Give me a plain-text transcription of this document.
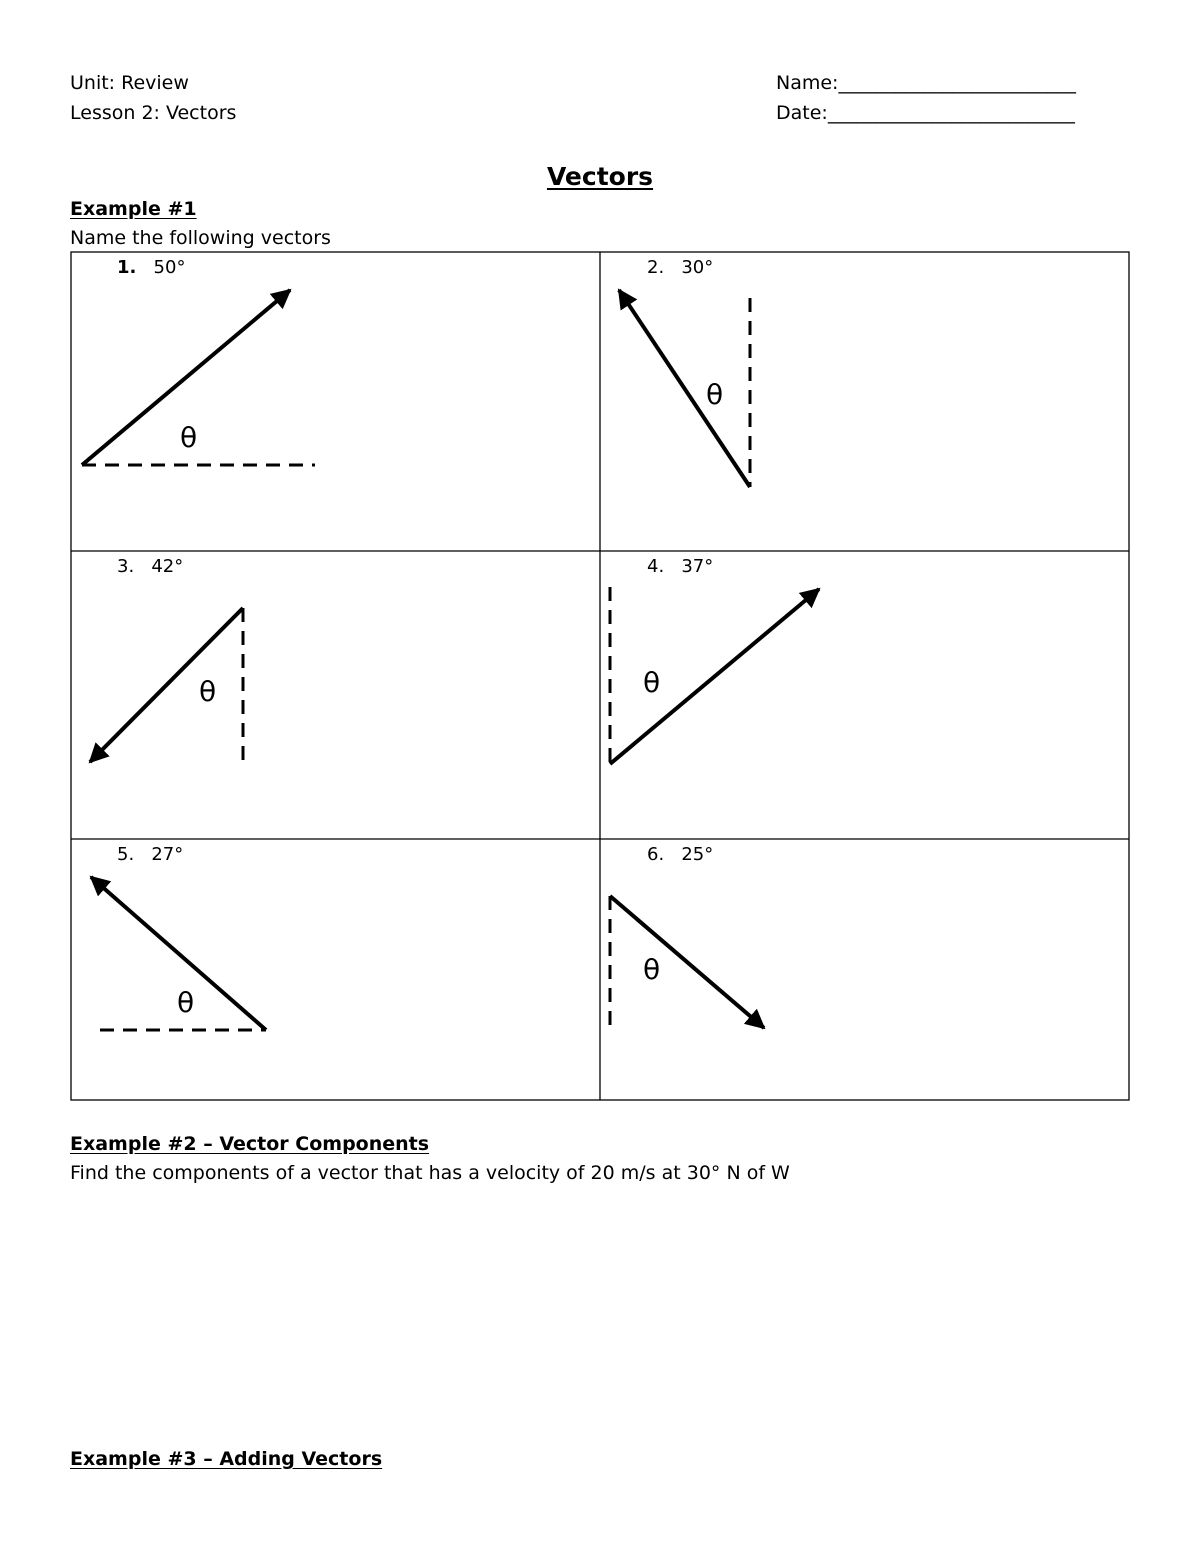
Unit: Review
Lesson 2: Vectors
Name:_________________________
Date:__________________________
Vectors
Example #1
Name the following vectors
1. 50°	2. 30°
3. 42°	4. 37°
5. 27°	6. 25°
θ
θ
θ	θ
θ
θ
Example #2 – Vector Components
Find the components of a vector that has a velocity of 20 m/s at 30° N of W
Example #3 – Adding Vectors
